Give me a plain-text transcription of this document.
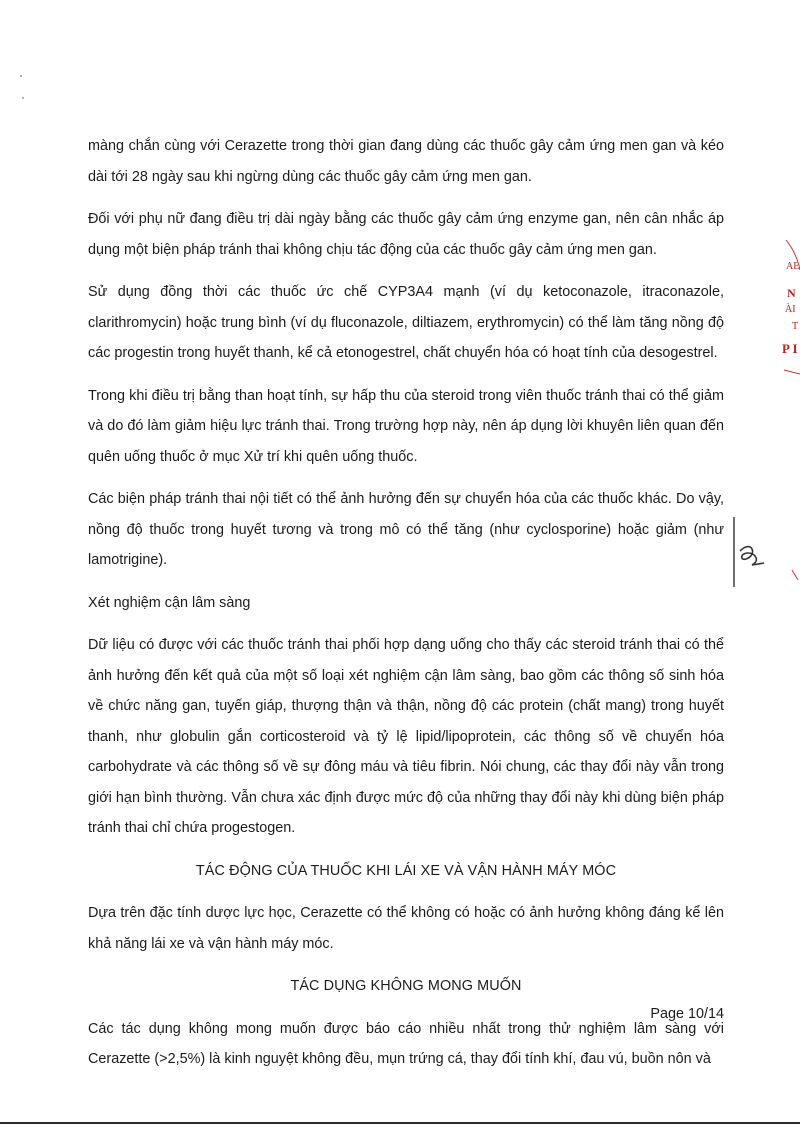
màng chắn cùng với Cerazette trong thời gian đang dùng các thuốc gây cảm ứng men gan và kéo dài tới 28 ngày sau khi ngừng dùng các thuốc gây cảm ứng men gan.

Đối với phụ nữ đang điều trị dài ngày bằng các thuốc gây cảm ứng enzyme gan, nên cân nhắc áp dụng một biện pháp tránh thai không chịu tác động của các thuốc gây cảm ứng men gan.

Sử dụng đồng thời các thuốc ức chế CYP3A4 mạnh (ví dụ ketoconazole, itraconazole, clarithromycin) hoặc trung bình (ví dụ fluconazole, diltiazem, erythromycin) có thể làm tăng nồng độ các progestin trong huyết thanh, kể cả etonogestrel, chất chuyển hóa có hoạt tính của desogestrel.

Trong khi điều trị bằng than hoạt tính, sự hấp thu của steroid trong viên thuốc tránh thai có thể giảm và do đó làm giảm hiệu lực tránh thai. Trong trường hợp này, nên áp dụng lời khuyên liên quan đến quên uống thuốc ở mục Xử trí khi quên uống thuốc.

Các biện pháp tránh thai nội tiết có thể ảnh hưởng đến sự chuyển hóa của các thuốc khác. Do vậy, nồng độ thuốc trong huyết tương và trong mô có thể tăng (như cyclosporine) hoặc giảm (như lamotrigine).

Xét nghiệm cận lâm sàng

Dữ liệu có được với các thuốc tránh thai phối hợp dạng uống cho thấy các steroid tránh thai có thể ảnh hưởng đến kết quả của một số loại xét nghiệm cận lâm sàng, bao gồm các thông số sinh hóa về chức năng gan, tuyến giáp, thượng thận và thận, nồng độ các protein (chất mang) trong huyết thanh, như globulin gắn corticosteroid và tỷ lệ lipid/lipoprotein, các thông số về chuyển hóa carbohydrate và các thông số về sự đông máu và tiêu fibrin. Nói chung, các thay đổi này vẫn trong giới hạn bình thường. Vẫn chưa xác định được mức độ của những thay đổi này khi dùng biện pháp tránh thai chỉ chứa progestogen.

TÁC ĐỘNG CỦA THUỐC KHI LÁI XE VÀ VẬN HÀNH MÁY MÓC

Dựa trên đặc tính dược lực học, Cerazette có thể không có hoặc có ảnh hưởng không đáng kể lên khả năng lái xe và vận hành máy móc.

TÁC DỤNG KHÔNG MONG MUỐN

Các tác dụng không mong muốn được báo cáo nhiều nhất trong thử nghiệm lâm sàng với Cerazette (>2,5%) là kinh nguyệt không đều, mụn trứng cá, thay đổi tính khí, đau vú, buồn nôn và

Page 10/14
AE
N
ÀI
T
P I
